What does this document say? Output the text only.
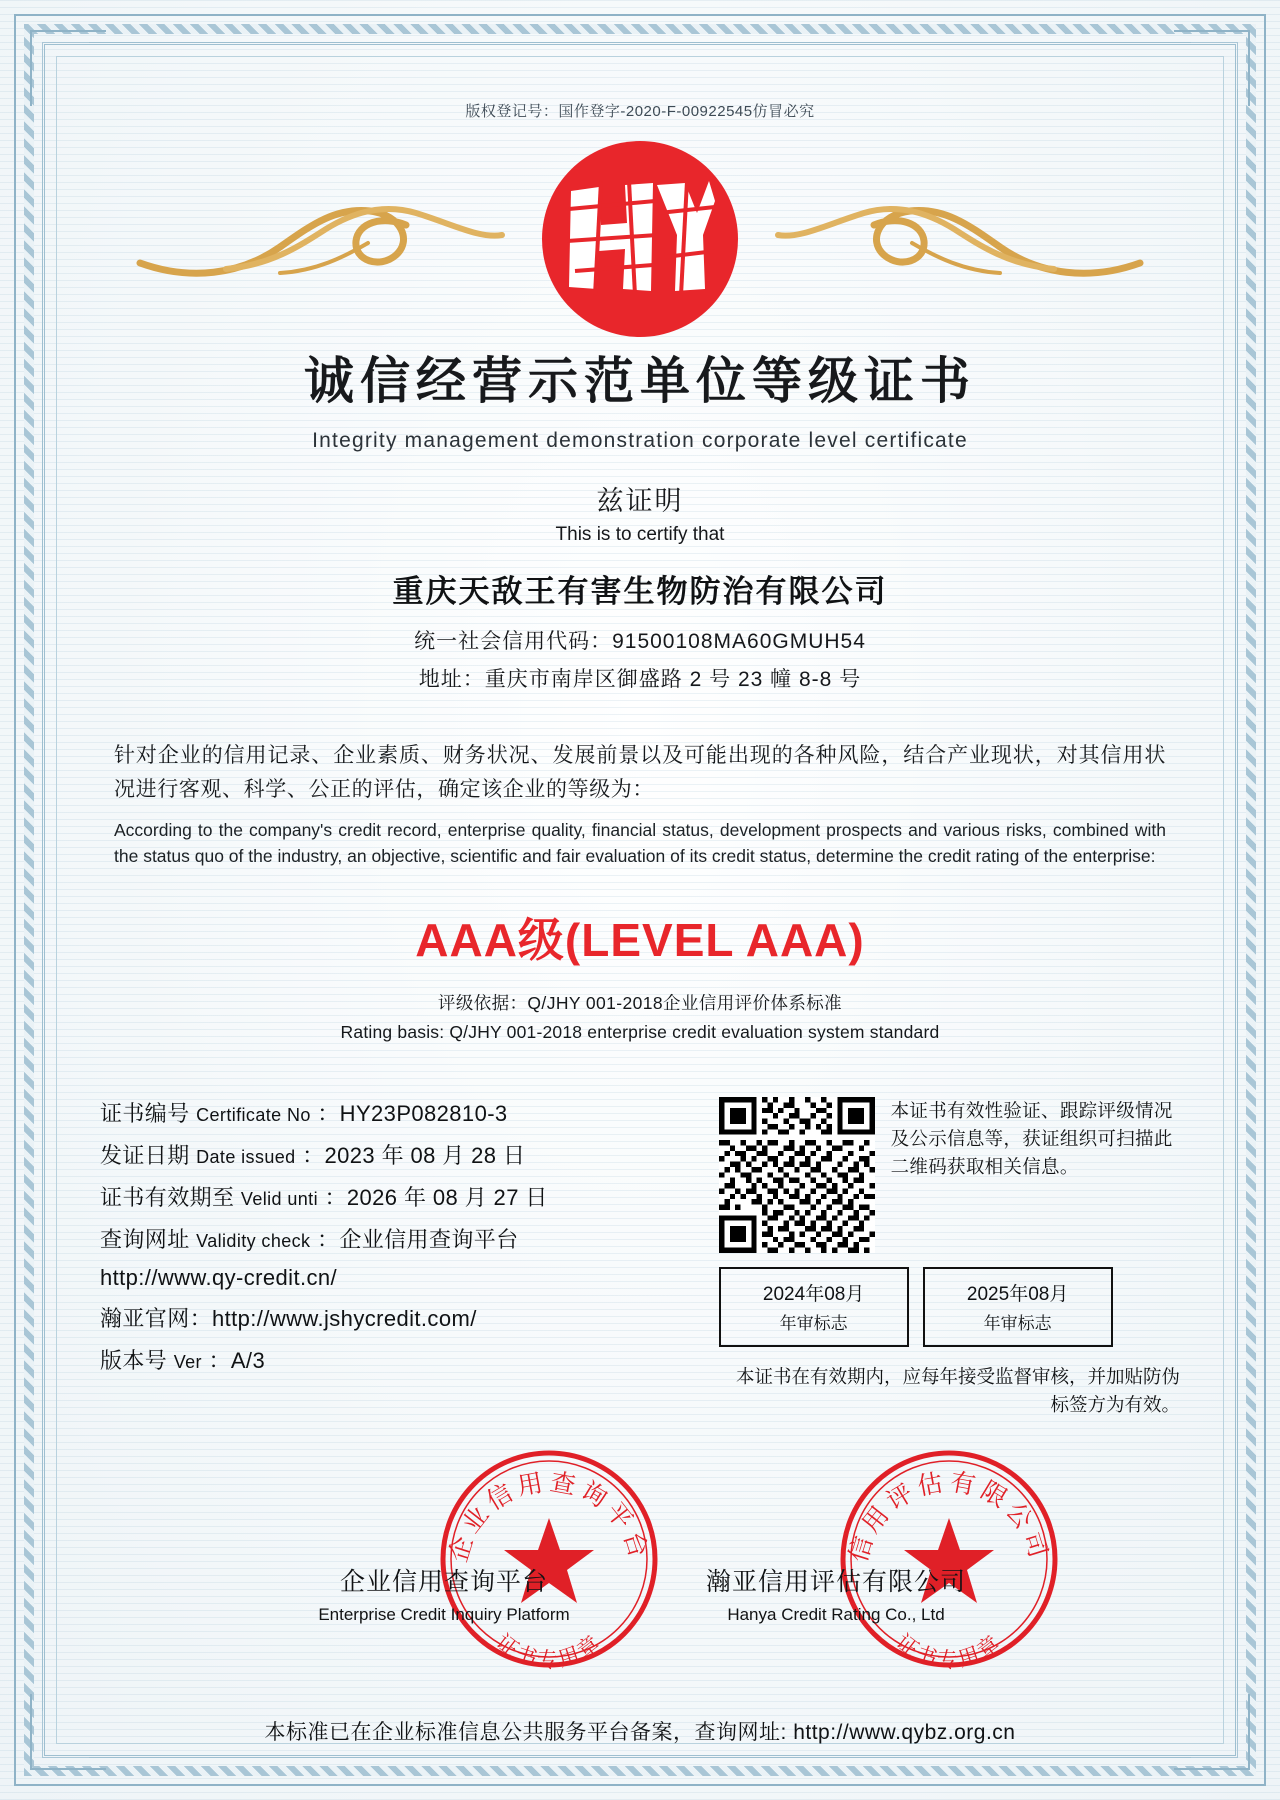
版权登记号：国作登字-2020-F-00922545仿冒必究
诚信经营示范单位等级证书
Integrity management demonstration corporate level certificate
兹证明
This is to certify that
重庆天敌王有害生物防治有限公司
统一社会信用代码：91500108MA60GMUH54
地址：重庆市南岸区御盛路 2 号 23 幢 8-8 号
针对企业的信用记录、企业素质、财务状况、发展前景以及可能出现的各种风险，结合产业现状，对其信用状况进行客观、科学、公正的评估，确定该企业的等级为：
According to the company's credit record, enterprise quality, financial status, development prospects and various risks, combined with the status quo of the industry, an objective, scientific and fair evaluation of its credit status, determine the credit rating of the enterprise:
AAA级(LEVEL AAA)
评级依据：Q/JHY 001-2018企业信用评价体系标准
Rating basis: Q/JHY 001-2018 enterprise credit evaluation system standard
证书编号 Certificate No ：HY23P082810-3
发证日期 Date issued ：2023 年 08 月 28 日
证书有效期至 Velid unti ：2026 年 08 月 27 日
查询网址 Validity check ：企业信用查询平台
http://www.qy-credit.cn/
瀚亚官网：http://www.jshycredit.com/
版本号 Ver ：A/3
本证书有效性验证、跟踪评级情况及公示信息等，获证组织可扫描此二维码获取相关信息。
2024年08月
年审标志
2025年08月
年审标志
本证书在有效期内，应每年接受监督审核，并加贴防伪标签方为有效。
企业信用查询平台
证书专用章
信用评估有限公司
证书专用章
企业信用查询平台
Enterprise Credit Inquiry Platform
瀚亚信用评估有限公司
Hanya Credit Rating Co., Ltd
本标准已在企业标准信息公共服务平台备案，查询网址: http://www.qybz.org.cn
